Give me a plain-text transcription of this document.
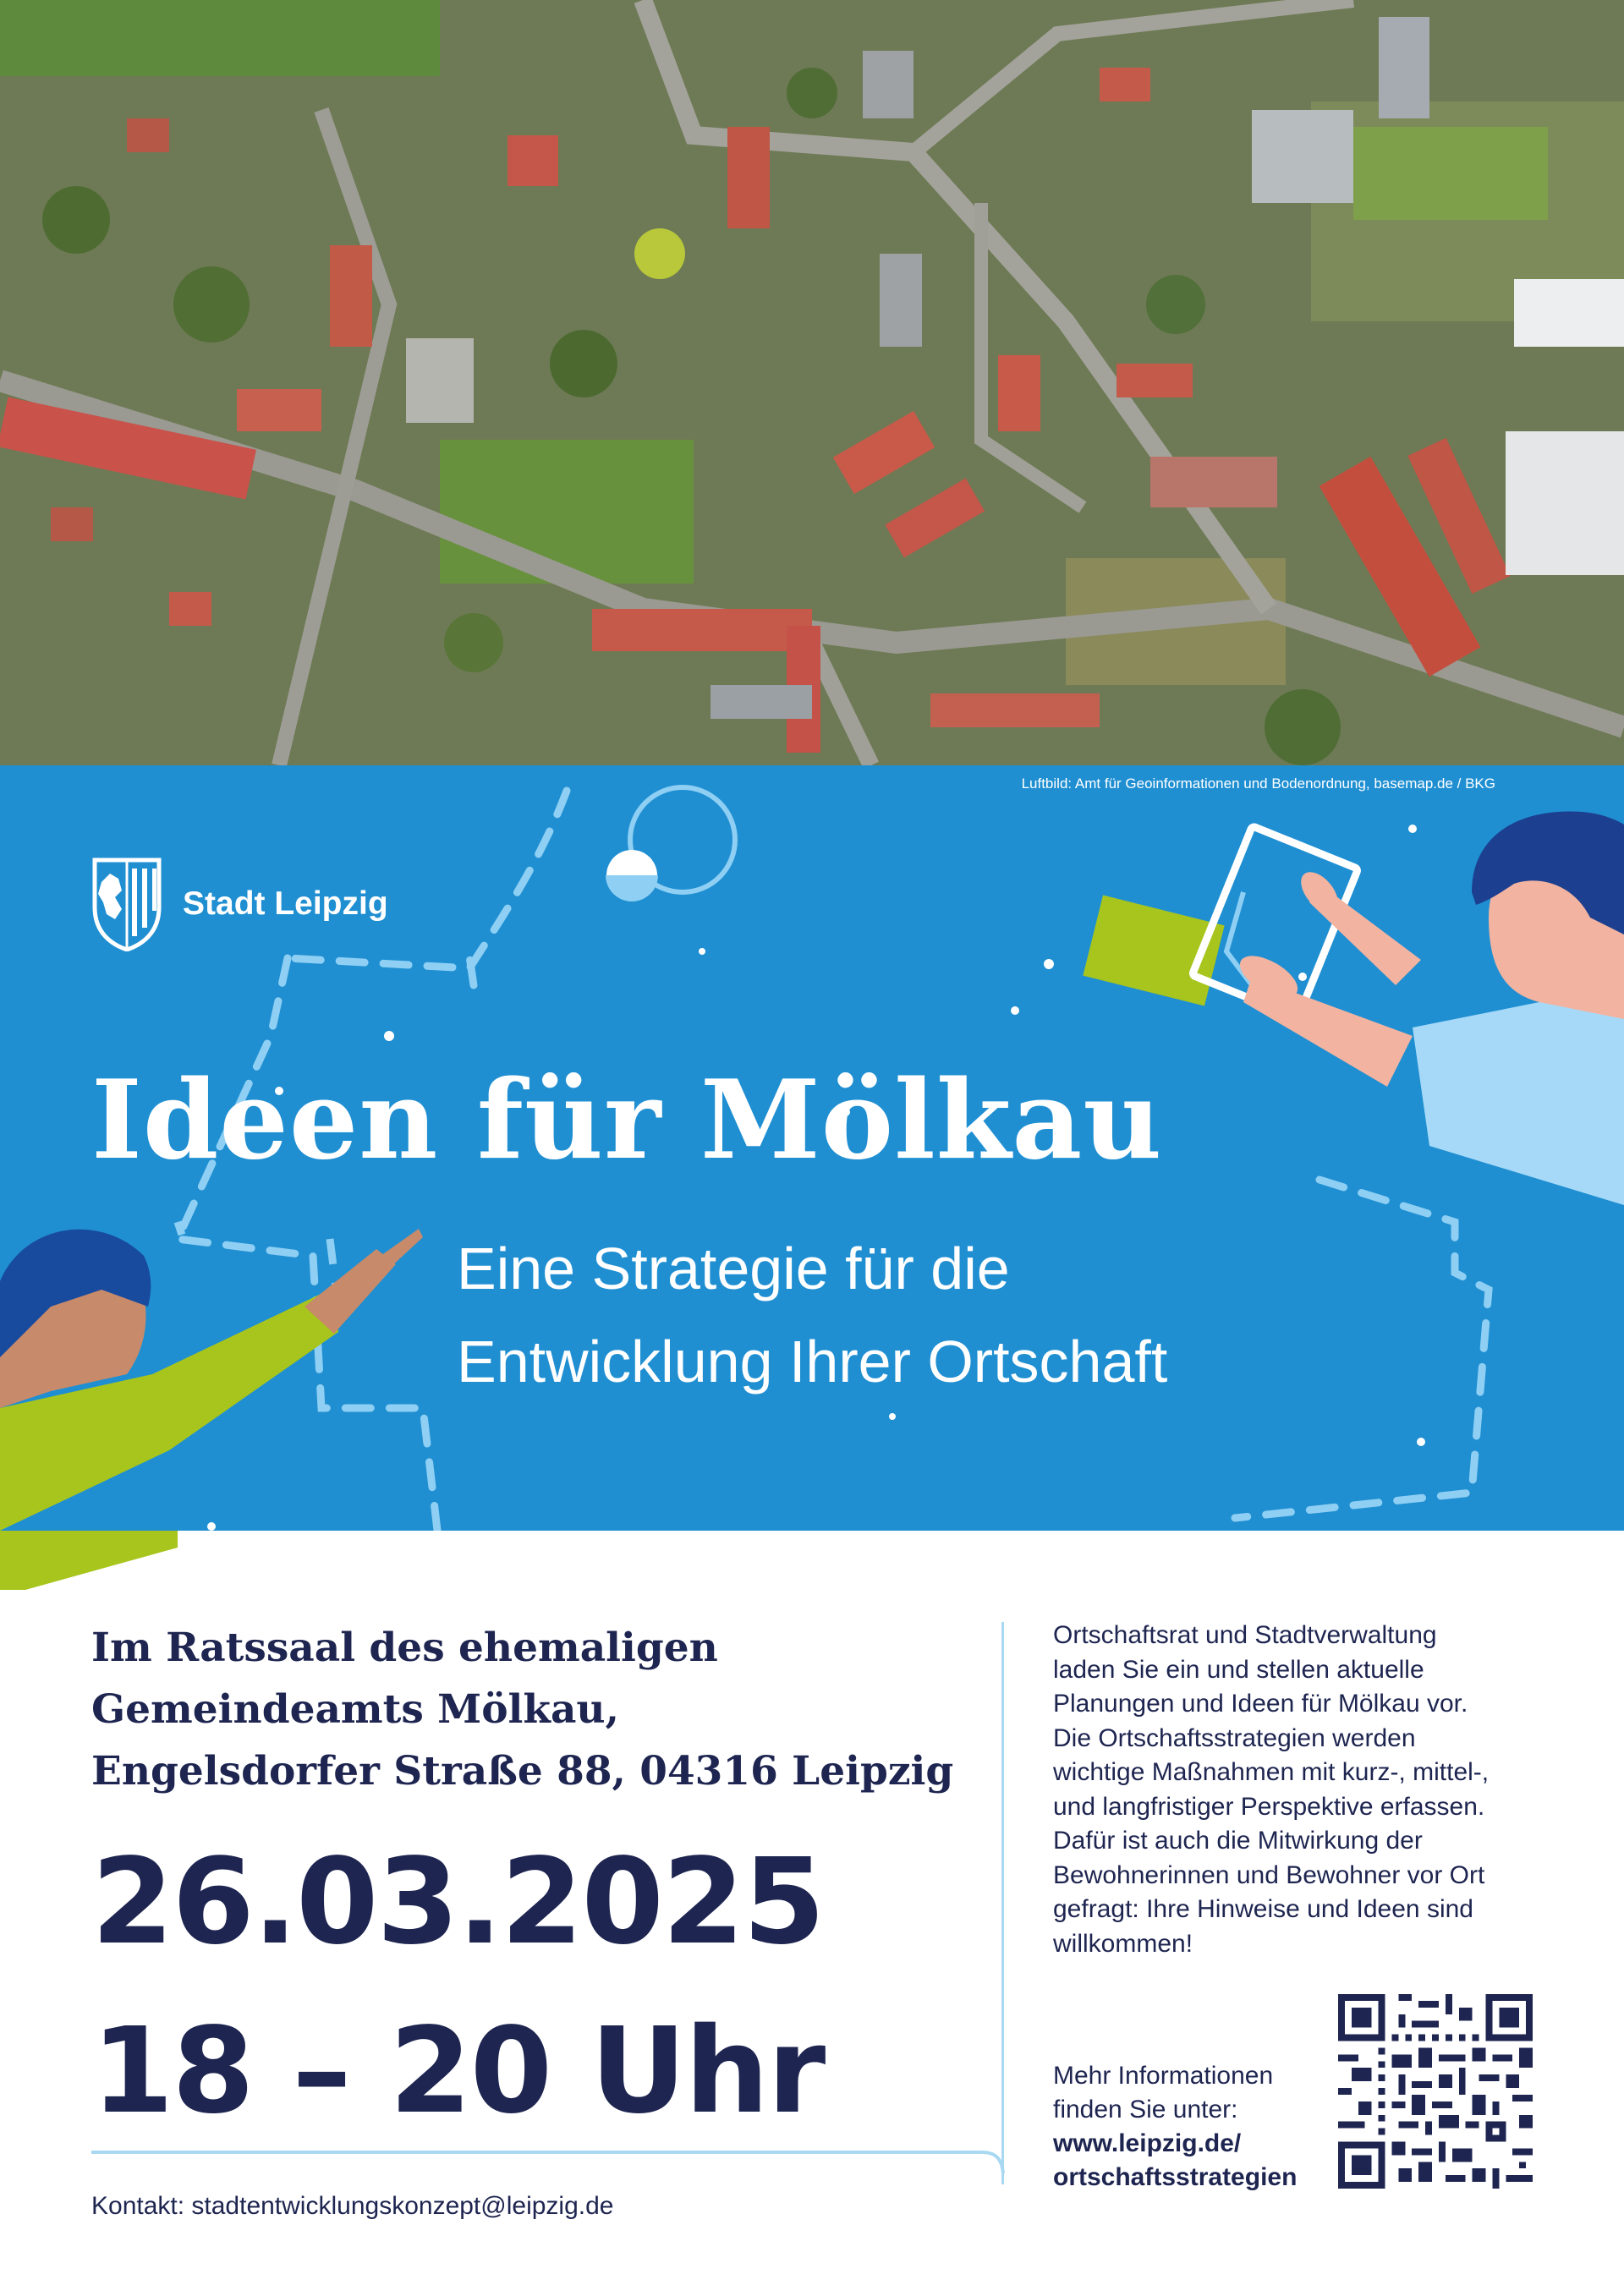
Luftbild: Amt für Geoinformationen und Bodenordnung, basemap.de / BKG
Stadt Leipzig
Ideen für Mölkau
Eine Strategie für die
Entwicklung Ihrer Ortschaft
Im Ratssaal des ehemaligen
Gemeindeamts Mölkau,
Engelsdorfer Straße 88, 04316 Leipzig
26.03.2025
18 – 20 Uhr
Kontakt: stadtentwicklungskonzept@leipzig.de
Ortschaftsrat und Stadtverwaltung
laden Sie ein und stellen aktuelle
Planungen und Ideen für Mölkau vor.
Die Ortschaftsstrategien werden
wichtige Maßnahmen mit kurz-, mittel-,
und langfristiger Perspektive erfassen.
Dafür ist auch die Mitwirkung der
Bewohnerinnen und Bewohner vor Ort
gefragt: Ihre Hinweise und Ideen sind
willkommen!
Mehr Informationen
finden Sie unter:
www.leipzig.de/
ortschaftsstrategien
